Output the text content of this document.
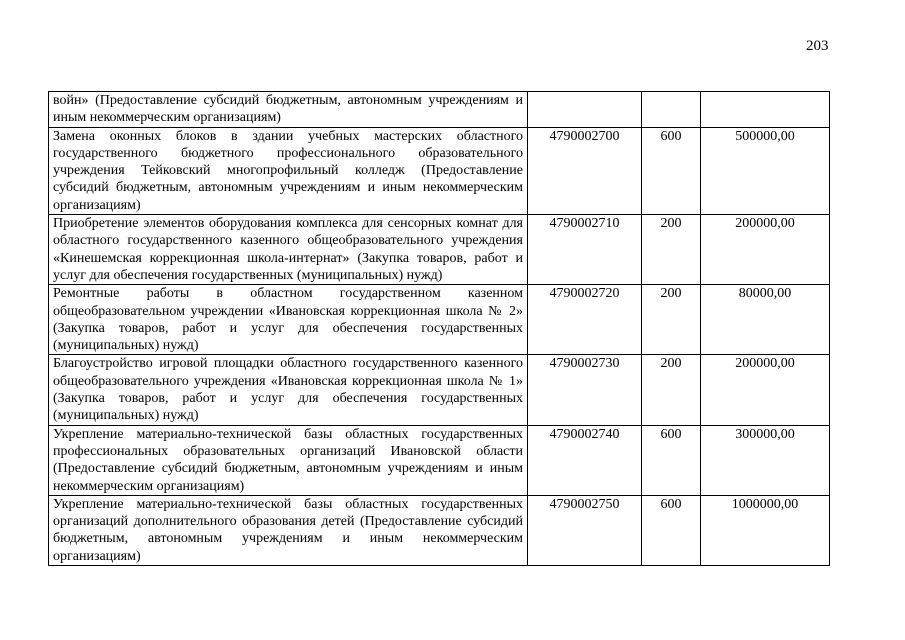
203
войн» (Предоставление субсидий бюджетным, автономным учреждениям и иным некоммерческим организациям)			
Замена оконных блоков в здании учебных мастерских областного государственного бюджетного профессионального образовательного учреждения Тейковский многопрофильный колледж (Предоставление субсидий бюджетным, автономным учреждениям и иным некоммерческим организациям)	4790002700	600	500000,00
Приобретение элементов оборудования комплекса для сенсорных комнат для областного государственного казенного общеобразовательного учреждения «Кинешемская коррекционная школа-интернат» (Закупка товаров, работ и услуг для обеспечения государственных (муниципальных) нужд)	4790002710	200	200000,00
Ремонтные работы в областном государственном казенном общеобразовательном учреждении «Ивановская коррекционная школа № 2» (Закупка товаров, работ и услуг для обеспечения государственных (муниципальных) нужд)	4790002720	200	80000,00
Благоустройство игровой площадки областного государственного казенного общеобразовательного учреждения «Ивановская коррекционная школа № 1» (Закупка товаров, работ и услуг для обеспечения государственных (муниципальных) нужд)	4790002730	200	200000,00
Укрепление материально-технической базы областных государственных профессиональных образовательных организаций Ивановской области (Предоставление субсидий бюджетным, автономным учреждениям и иным некоммерческим организациям)	4790002740	600	300000,00
Укрепление материально-технической базы областных государственных организаций дополнительного образования детей (Предоставление субсидий бюджетным, автономным учреждениям и иным некоммерческим организациям)	4790002750	600	1000000,00
